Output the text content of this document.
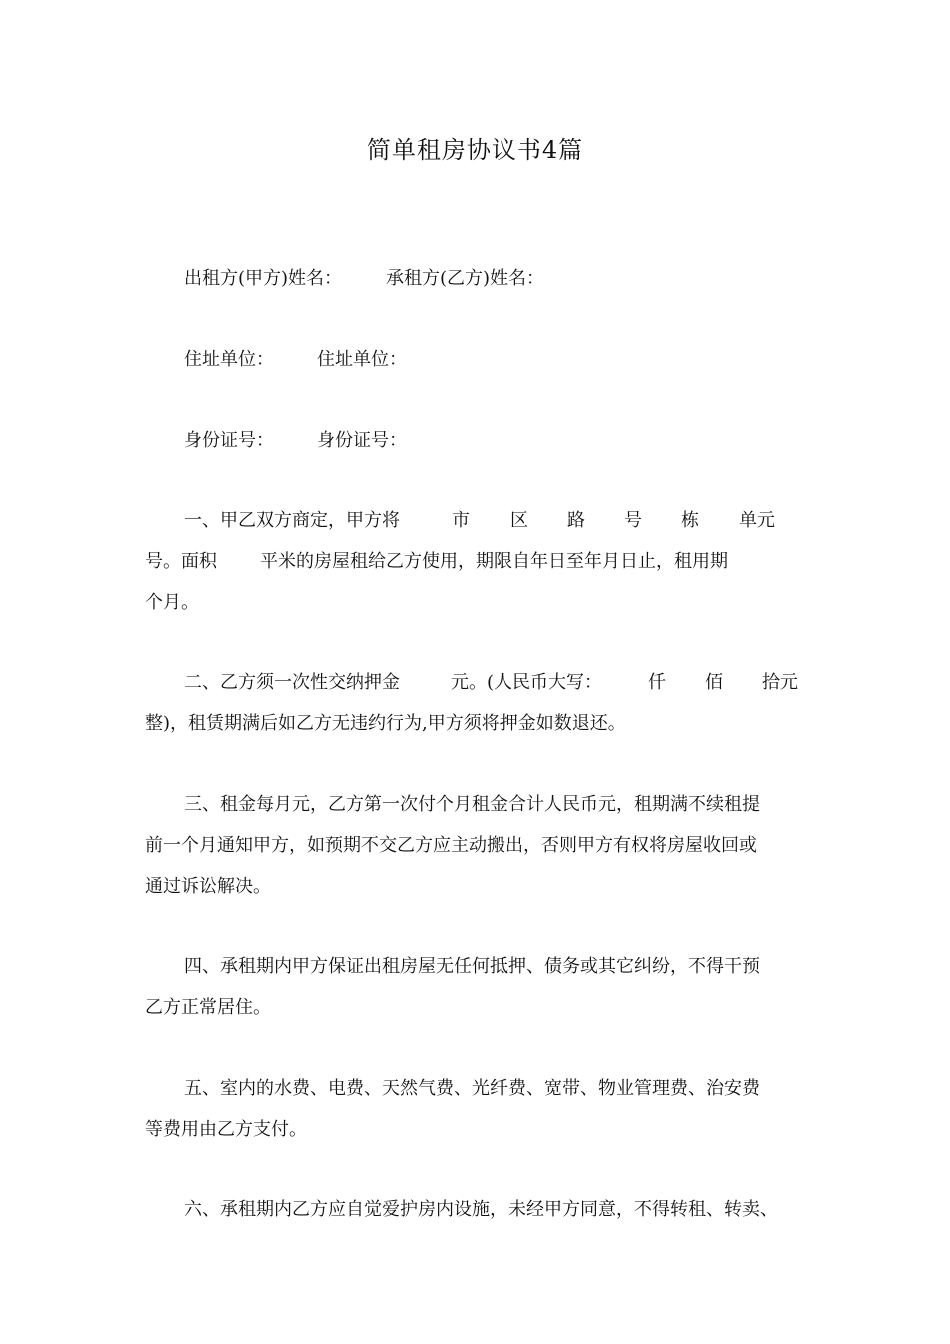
简单租房协议书4篇
出租方(甲方)姓名： 承租方(乙方)姓名：
住址单位： 住址单位：
身份证号： 身份证号：
一、甲乙双方商定，甲方将	市 区 路 号 栋 单元
号。面积 平米的房屋租给乙方使用，期限自年日至年月日止，租用期
个月。
二、乙方须一次性交纳押金	元。(人民币大写：	仟 佰 拾元
整)，租赁期满后如乙方无违约行为,甲方须将押金如数退还。
三、租金每月元，乙方第一次付个月租金合计人民币元，租期满不续租提
前一个月通知甲方，如预期不交乙方应主动搬出，否则甲方有权将房屋收回或
通过诉讼解决。
四、承租期内甲方保证出租房屋无任何抵押、债务或其它纠纷，不得干预
乙方正常居住。
五、室内的水费、电费、天然气费、光纤费、宽带、物业管理费、治安费
等费用由乙方支付。
六、承租期内乙方应自觉爱护房内设施，未经甲方同意，不得转租、转卖、
